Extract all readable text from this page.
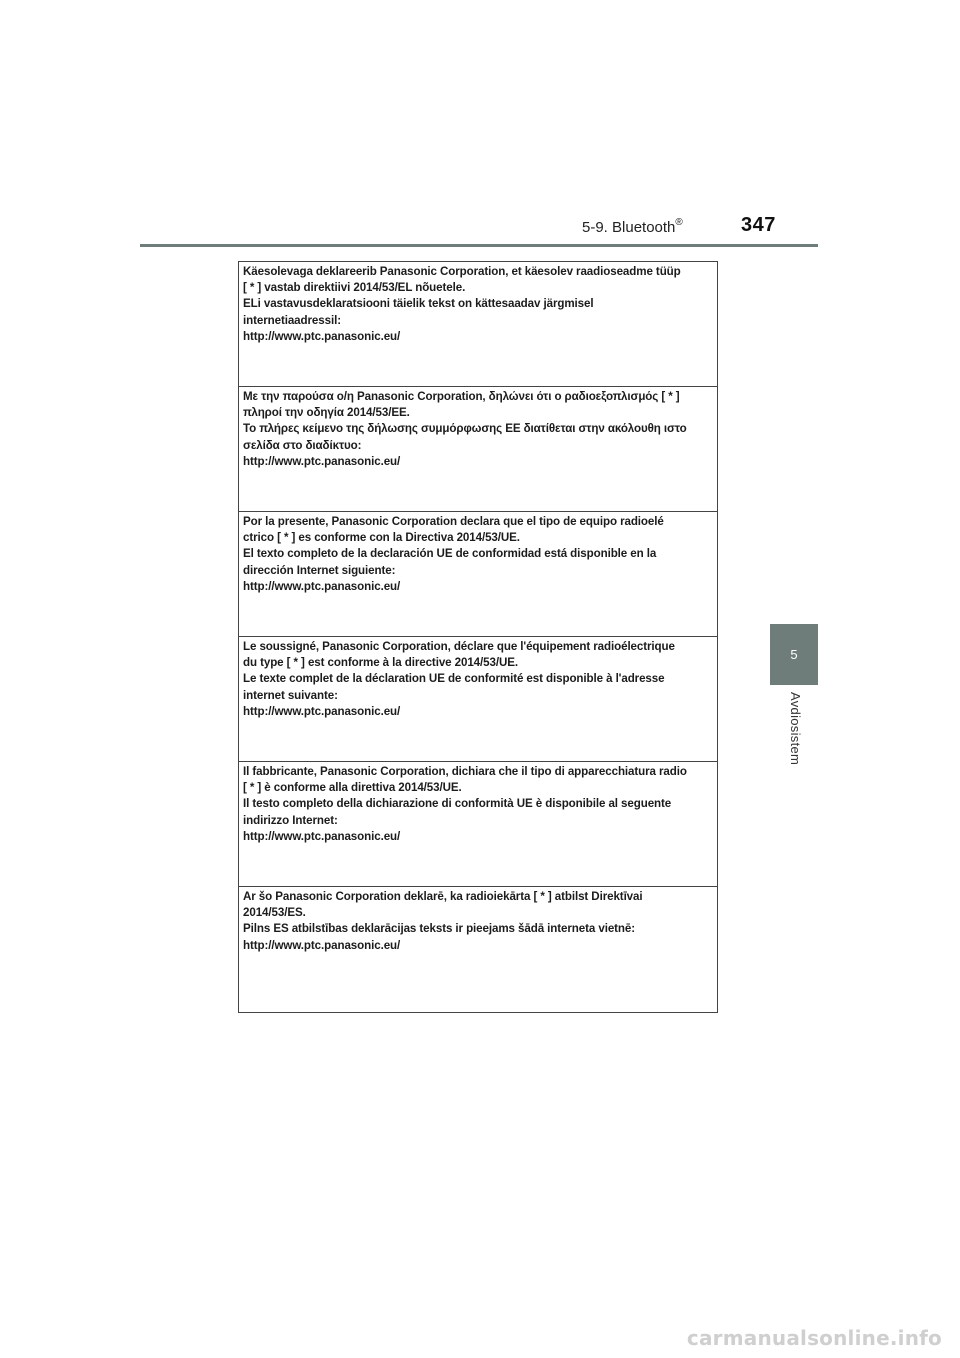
5-9. Bluetooth®	347
5
Avdiosistem
Käesolevaga deklareerib Panasonic Corporation, et käesolev raadioseadme tüüp
[ * ] vastab direktiivi 2014/53/EL nõuetele.
ELi vastavusdeklaratsiooni täielik tekst on kättesaadav järgmisel
internetiaadressil:
http://www.ptc.panasonic.eu/
Με την παρούσα ο/η Panasonic Corporation, δηλώνει ότι ο ραδιοεξοπλισμός [ * ]
πληροί την οδηγία 2014/53/ΕΕ.
Το πλήρες κείμενο της δήλωσης συμμόρφωσης ΕΕ διατίθεται στην ακόλουθη ιστο
σελίδα στο διαδίκτυο:
http://www.ptc.panasonic.eu/
Por la presente, Panasonic Corporation declara que el tipo de equipo radioelé
ctrico [ * ] es conforme con la Directiva 2014/53/UE.
El texto completo de la declaración UE de conformidad está disponible en la
dirección Internet siguiente:
http://www.ptc.panasonic.eu/
Le soussigné, Panasonic Corporation, déclare que l'équipement radioélectrique
du type [ * ] est conforme à la directive 2014/53/UE.
Le texte complet de la déclaration UE de conformité est disponible à l'adresse
internet suivante:
http://www.ptc.panasonic.eu/
Il fabbricante, Panasonic Corporation, dichiara che il tipo di apparecchiatura radio
[ * ] è conforme alla direttiva 2014/53/UE.
Il testo completo della dichiarazione di conformità UE è disponibile al seguente
indirizzo Internet:
http://www.ptc.panasonic.eu/
Ar šo Panasonic Corporation deklarē, ka radioiekārta [ * ] atbilst Direktīvai
2014/53/ES.
Pilns ES atbilstības deklarācijas teksts ir pieejams šādā interneta vietnē:
http://www.ptc.panasonic.eu/
carmanualsonline.info
